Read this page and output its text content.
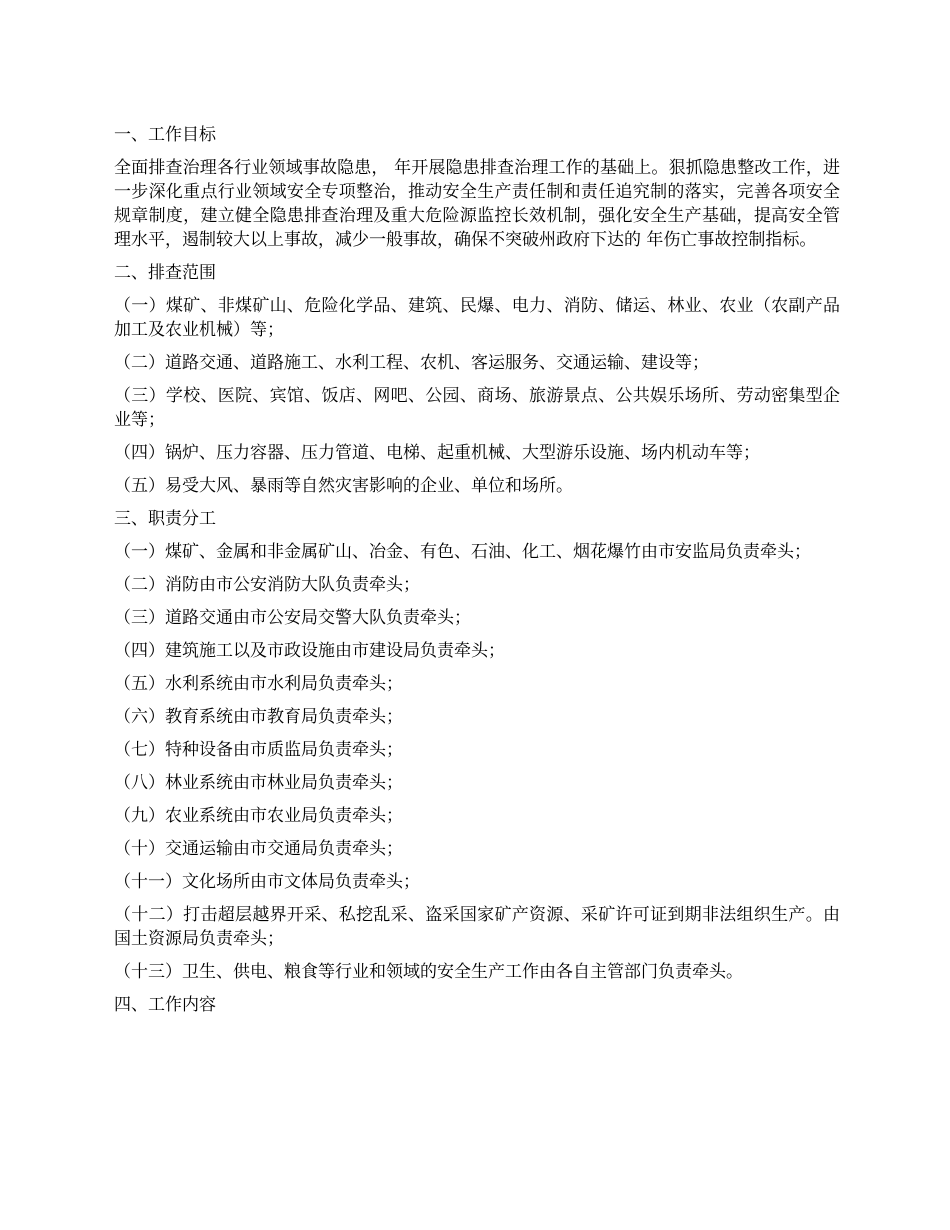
一、工作目标

全面排查治理各行业领域事故隐患， 年开展隐患排查治理工作的基础上。狠抓隐患整改工作，进一步深化重点行业领域安全专项整治，推动安全生产责任制和责任追究制的落实，完善各项安全规章制度，建立健全隐患排查治理及重大危险源监控长效机制，强化安全生产基础，提高安全管理水平，遏制较大以上事故，减少一般事故，确保不突破州政府下达的 年伤亡事故控制指标。

二、排查范围

（一）煤矿、非煤矿山、危险化学品、建筑、民爆、电力、消防、储运、林业、农业（农副产品加工及农业机械）等；

（二）道路交通、道路施工、水利工程、农机、客运服务、交通运输、建设等；

（三）学校、医院、宾馆、饭店、网吧、公园、商场、旅游景点、公共娱乐场所、劳动密集型企业等；

（四）锅炉、压力容器、压力管道、电梯、起重机械、大型游乐设施、场内机动车等；

（五）易受大风、暴雨等自然灾害影响的企业、单位和场所。

三、职责分工

（一）煤矿、金属和非金属矿山、冶金、有色、石油、化工、烟花爆竹由市安监局负责牵头；

（二）消防由市公安消防大队负责牵头；

（三）道路交通由市公安局交警大队负责牵头；

（四）建筑施工以及市政设施由市建设局负责牵头；

（五）水利系统由市水利局负责牵头；

（六）教育系统由市教育局负责牵头；

（七）特种设备由市质监局负责牵头；

（八）林业系统由市林业局负责牵头；

（九）农业系统由市农业局负责牵头；

（十）交通运输由市交通局负责牵头；

（十一）文化场所由市文体局负责牵头；

（十二）打击超层越界开采、私挖乱采、盗采国家矿产资源、采矿许可证到期非法组织生产。由国土资源局负责牵头；

（十三）卫生、供电、粮食等行业和领域的安全生产工作由各自主管部门负责牵头。

四、工作内容
